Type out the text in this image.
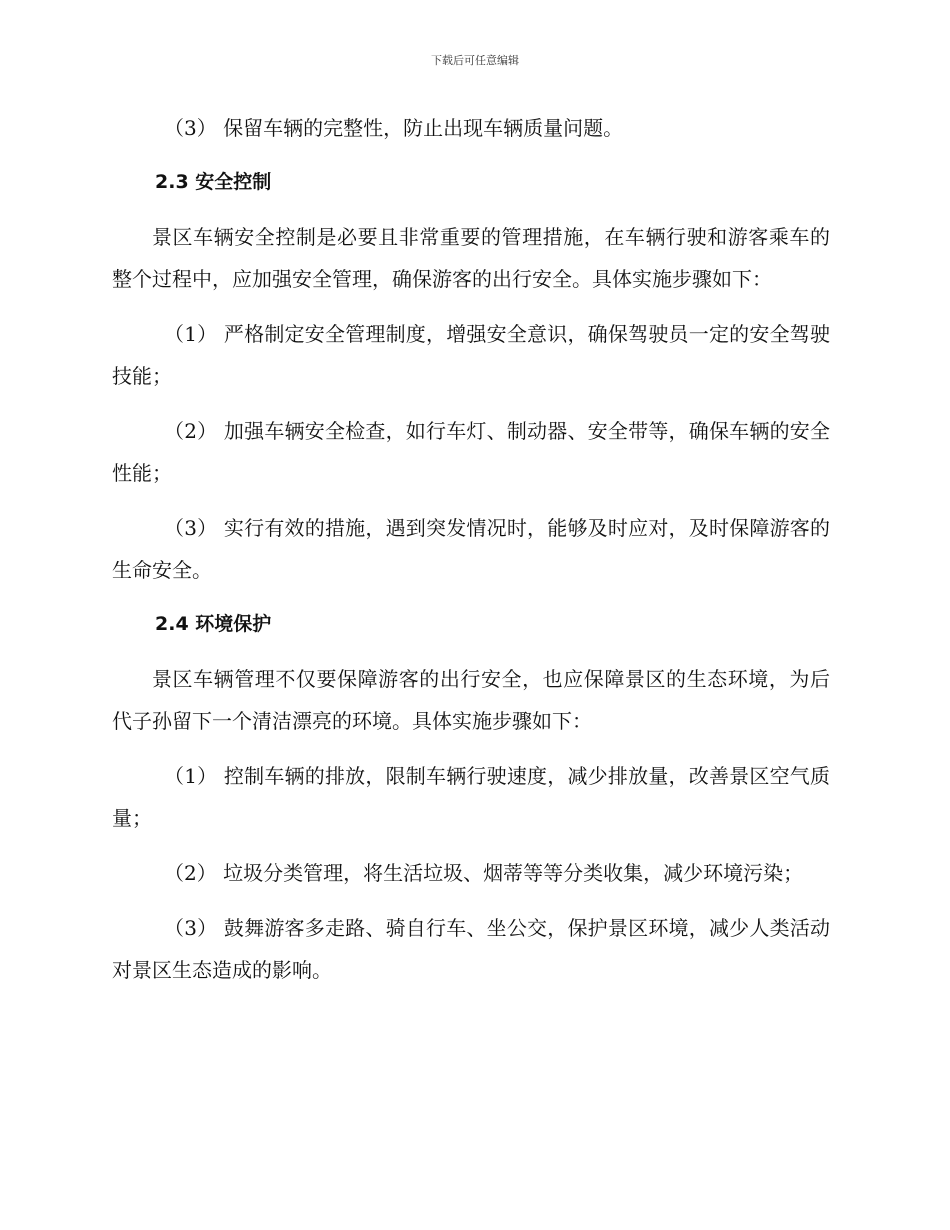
下载后可任意编辑

（3） 保留车辆的完整性，防止出现车辆质量问题。

2.3 安全控制

景区车辆安全控制是必要且非常重要的管理措施，在车辆行驶和游客乘车的整个过程中，应加强安全管理，确保游客的出行安全。具体实施步骤如下：

（1） 严格制定安全管理制度，增强安全意识，确保驾驶员一定的安全驾驶技能；

（2） 加强车辆安全检查，如行车灯、制动器、安全带等，确保车辆的安全性能；

（3） 实行有效的措施，遇到突发情况时，能够及时应对，及时保障游客的生命安全。

2.4 环境保护

景区车辆管理不仅要保障游客的出行安全，也应保障景区的生态环境，为后代子孙留下一个清洁漂亮的环境。具体实施步骤如下：

（1） 控制车辆的排放，限制车辆行驶速度，减少排放量，改善景区空气质量；

（2） 垃圾分类管理，将生活垃圾、烟蒂等等分类收集，减少环境污染；

（3） 鼓舞游客多走路、骑自行车、坐公交，保护景区环境，减少人类活动对景区生态造成的影响。
